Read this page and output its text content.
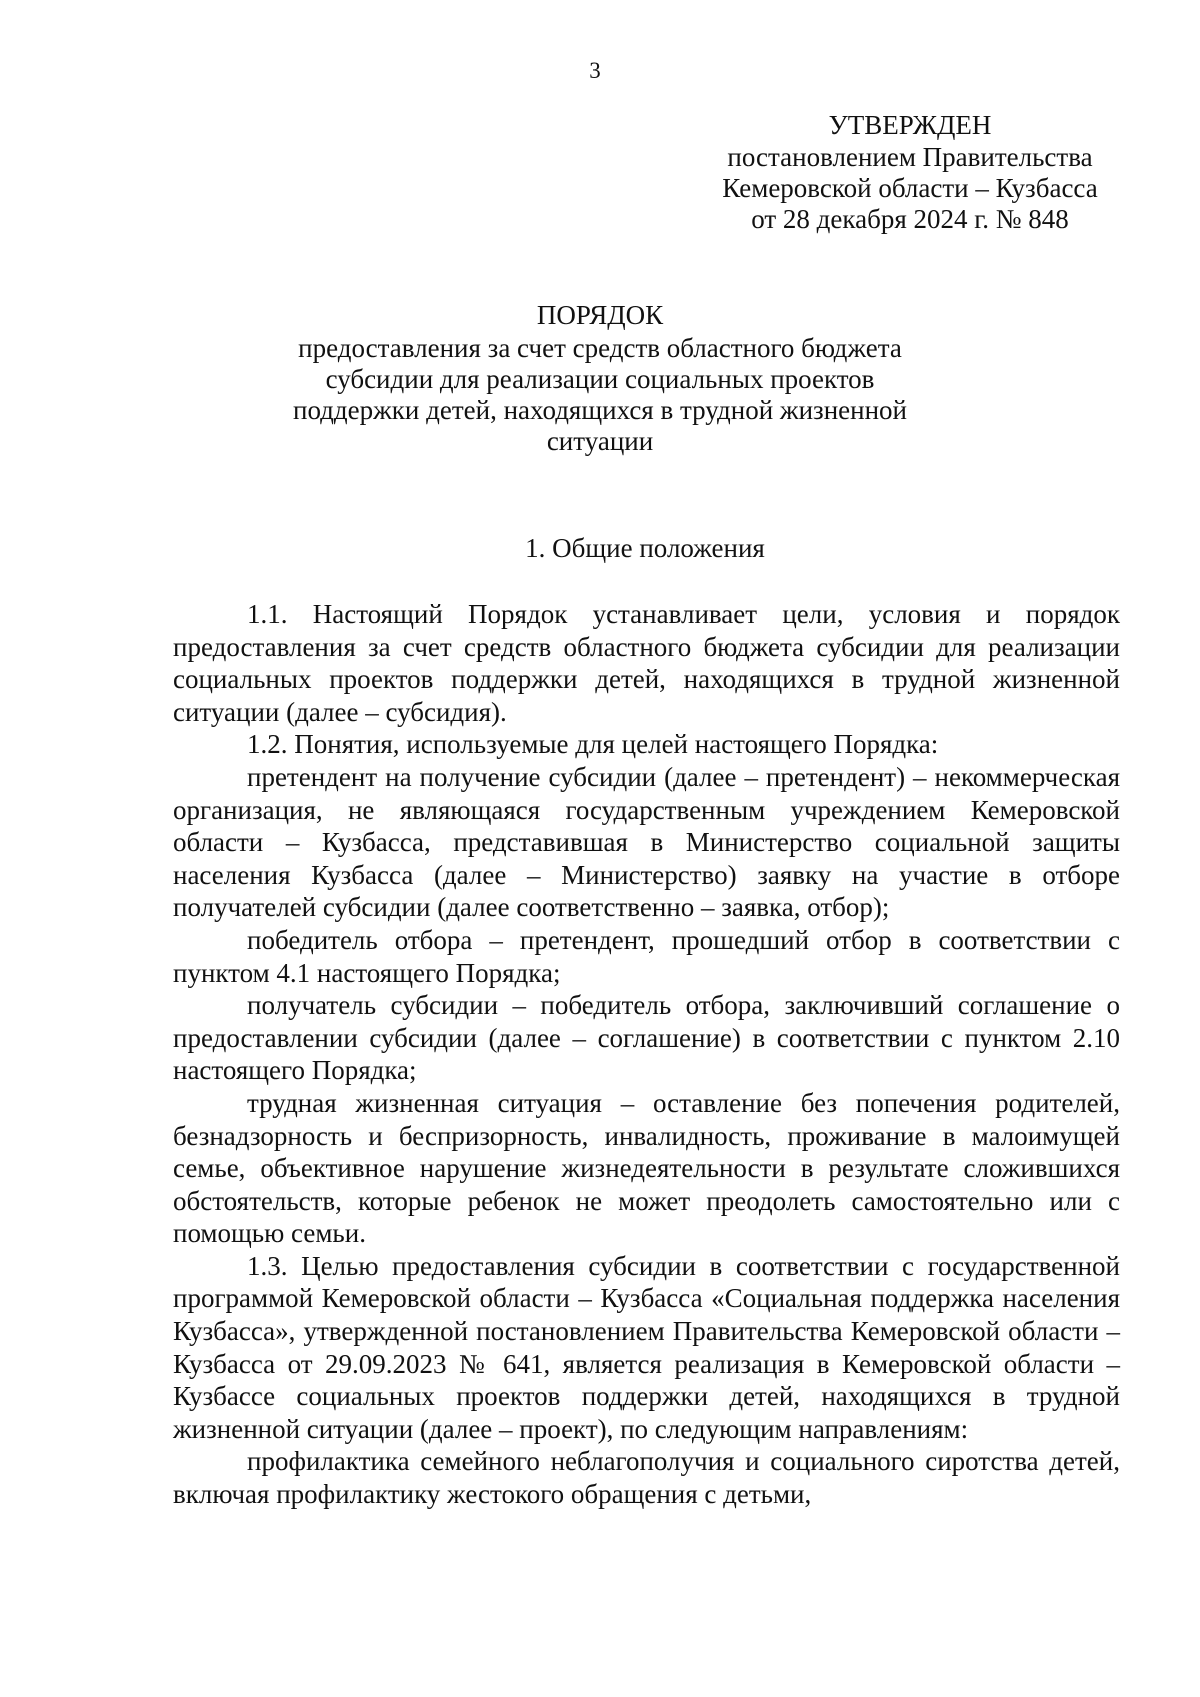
3
УТВЕРЖДЕН
постановлением Правительства
Кемеровской области – Кузбасса
от 28 декабря 2024 г. № 848
ПОРЯДОК
предоставления за счет средств областного бюджета
субсидии для реализации социальных проектов
поддержки детей, находящихся в трудной жизненной
ситуации
1. Общие положения

1.1. Настоящий Порядок устанавливает цели, условия и порядок предоставления за счет средств областного бюджета субсидии для реализации социальных проектов поддержки детей, находящихся в трудной жизненной ситуации (далее – субсидия).

1.2. Понятия, используемые для целей настоящего Порядка:

претендент на получение субсидии (далее – претендент) – некоммерческая организация, не являющаяся государственным учреждением Кемеровской области – Кузбасса, представившая в Министерство социальной защиты населения Кузбасса (далее – Министерство) заявку на участие в отборе получателей субсидии (далее соответственно – заявка, отбор);

победитель отбора – претендент, прошедший отбор в соответствии с пунктом 4.1 настоящего Порядка;

получатель субсидии – победитель отбора, заключивший соглашение о предоставлении субсидии (далее – соглашение) в соответствии с пунктом 2.10 настоящего Порядка;

трудная жизненная ситуация – оставление без попечения родителей, безнадзорность и беспризорность, инвалидность, проживание в малоимущей семье, объективное нарушение жизнедеятельности в результате сложившихся обстоятельств, которые ребенок не может преодолеть самостоятельно или с помощью семьи.

1.3. Целью предоставления субсидии в соответствии с государственной программой Кемеровской области – Кузбасса «Социальная поддержка населения Кузбасса», утвержденной постановлением Правительства Кемеровской области – Кузбасса от 29.09.2023 № 641, является реализация в Кемеровской области – Кузбассе социальных проектов поддержки детей, находящихся в трудной жизненной ситуации (далее – проект), по следующим направлениям:

профилактика семейного неблагополучия и социального сиротства детей, включая профилактику жестокого обращения с детьми,
